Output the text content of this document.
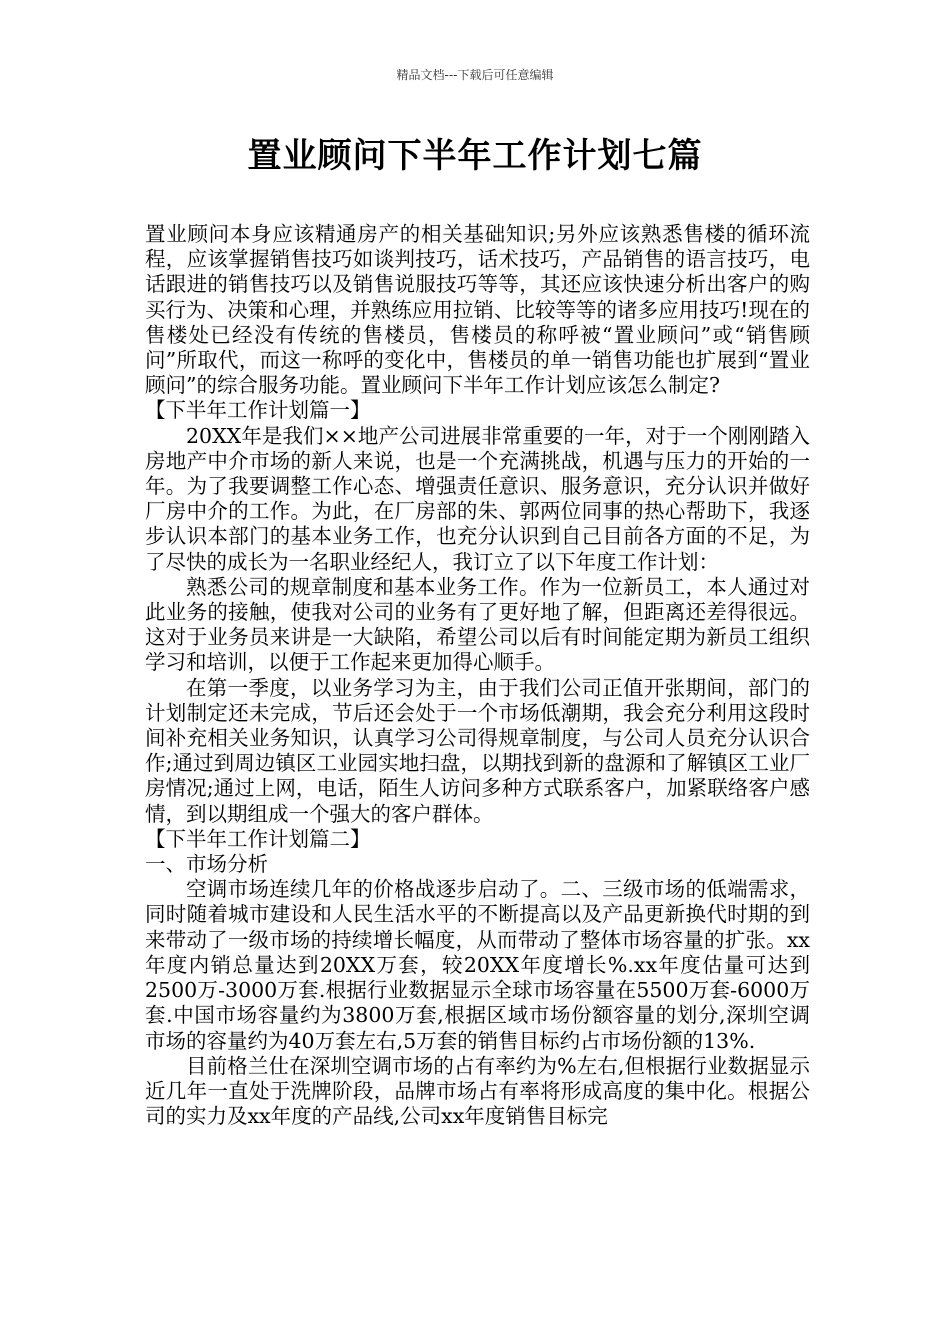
精品文档---下载后可任意编辑
置业顾问下半年工作计划七篇

置业顾问本身应该精通房产的相关基础知识;另外应该熟悉售楼的循环流程，应该掌握销售技巧如谈判技巧，话术技巧，产品销售的语言技巧，电话跟进的销售技巧以及销售说服技巧等等，其还应该快速分析出客户的购买行为、决策和心理，并熟练应用拉销、比较等等的诸多应用技巧!现在的售楼处已经没有传统的售楼员，售楼员的称呼被“置业顾问”或“销售顾问”所取代，而这一称呼的变化中，售楼员的单一销售功能也扩展到“置业顾问”的综合服务功能。置业顾问下半年工作计划应该怎么制定?

【下半年工作计划篇一】

20XX年是我们××地产公司进展非常重要的一年，对于一个刚刚踏入房地产中介市场的新人来说，也是一个充满挑战，机遇与压力的开始的一年。为了我要调整工作心态、增强责任意识、服务意识，充分认识并做好厂房中介的工作。为此，在厂房部的朱、郭两位同事的热心帮助下，我逐步认识本部门的基本业务工作，也充分认识到自己目前各方面的不足，为了尽快的成长为一名职业经纪人，我订立了以下年度工作计划：

熟悉公司的规章制度和基本业务工作。作为一位新员工，本人通过对此业务的接触，使我对公司的业务有了更好地了解，但距离还差得很远。这对于业务员来讲是一大缺陷，希望公司以后有时间能定期为新员工组织学习和培训，以便于工作起来更加得心顺手。

在第一季度，以业务学习为主，由于我们公司正值开张期间，部门的计划制定还未完成，节后还会处于一个市场低潮期，我会充分利用这段时间补充相关业务知识，认真学习公司得规章制度，与公司人员充分认识合作;通过到周边镇区工业园实地扫盘，以期找到新的盘源和了解镇区工业厂房情况;通过上网，电话，陌生人访问多种方式联系客户，加紧联络客户感情，到以期组成一个强大的客户群体。

【下半年工作计划篇二】

一、市场分析

空调市场连续几年的价格战逐步启动了。二、三级市场的低端需求，同时随着城市建设和人民生活水平的不断提高以及产品更新换代时期的到来带动了一级市场的持续增长幅度，从而带动了整体市场容量的扩张。xx年度内销总量达到20XX万套，较20XX年度增长%.xx年度估量可达到2500万-3000万套.根据行业数据显示全球市场容量在5500万套-6000万套.中国市场容量约为3800万套,根据区域市场份额容量的划分,深圳空调市场的容量约为40万套左右,5万套的销售目标约占市场份额的13%.

目前格兰仕在深圳空调市场的占有率约为%左右,但根据行业数据显示近几年一直处于洗牌阶段，品牌市场占有率将形成高度的集中化。根据公司的实力及xx年度的产品线,公司xx年度销售目标完
